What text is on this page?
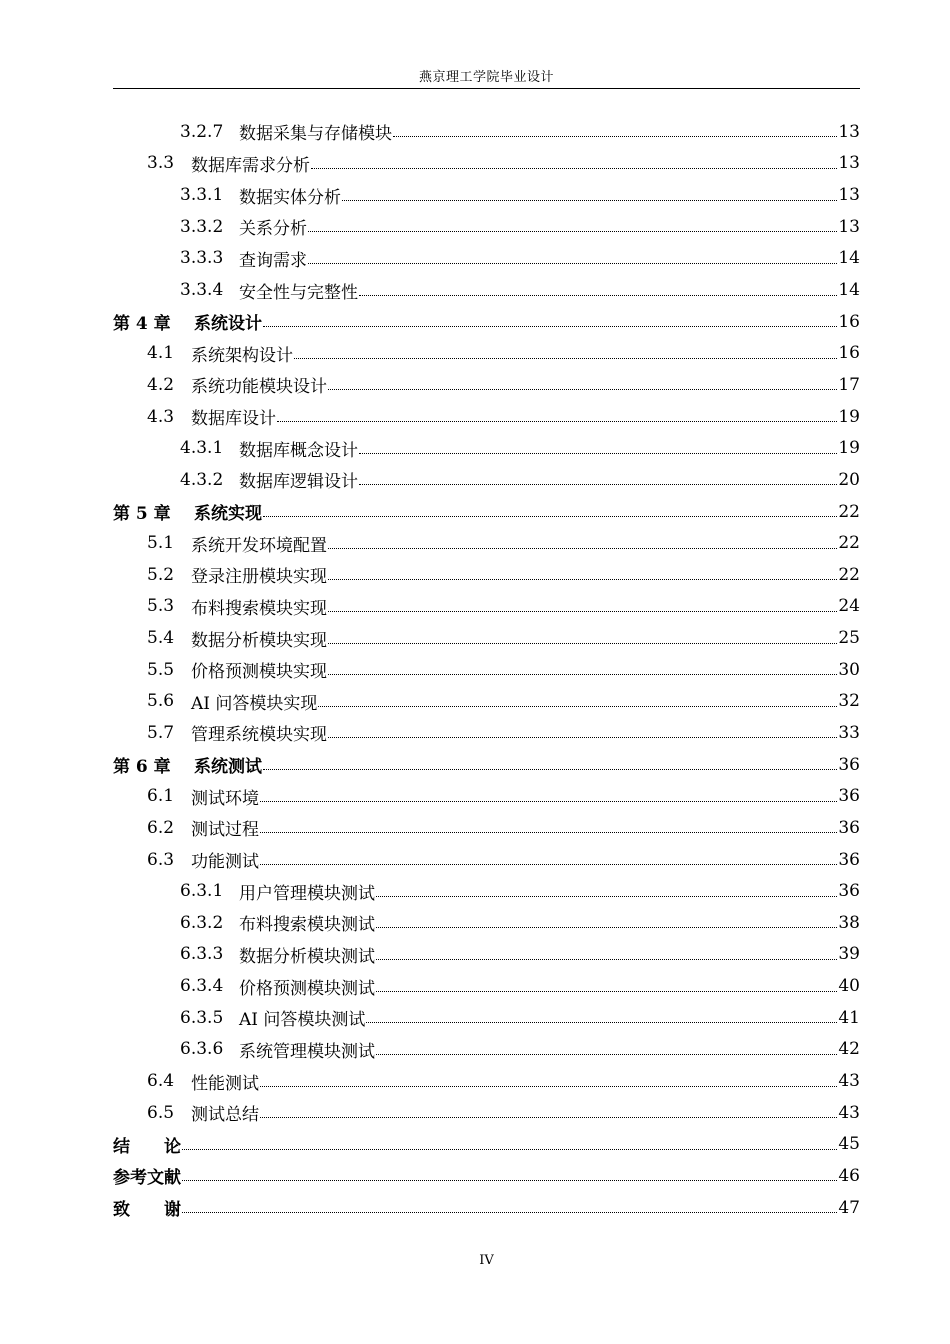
燕京理工学院毕业设计
3.2.7 数据采集与存储模块	13
3.3 数据库需求分析	13
3.3.1 数据实体分析	13
3.3.2 关系分析	13
3.3.3 查询需求	14
3.3.4 安全性与完整性	14
第 4 章	系统设计	16
4.1 系统架构设计	16
4.2 系统功能模块设计	17
4.3 数据库设计	19
4.3.1 数据库概念设计	19
4.3.2 数据库逻辑设计	20
第 5 章	系统实现	22
5.1 系统开发环境配置	22
5.2 登录注册模块实现	22
5.3 布料搜索模块实现	24
5.4 数据分析模块实现	25
5.5 价格预测模块实现	30
5.6 AI 问答模块实现	32
5.7 管理系统模块实现	33
第 6 章	系统测试	36
6.1 测试环境	36
6.2 测试过程	36
6.3 功能测试	36
6.3.1 用户管理模块测试	36
6.3.2 布料搜索模块测试	38
6.3.3 数据分析模块测试	39
6.3.4 价格预测模块测试	40
6.3.5 AI 问答模块测试	41
6.3.6 系统管理模块测试	42
6.4 性能测试	43
6.5 测试总结	43
结　　论	45
参考文献	46
致　　谢	47
IV
